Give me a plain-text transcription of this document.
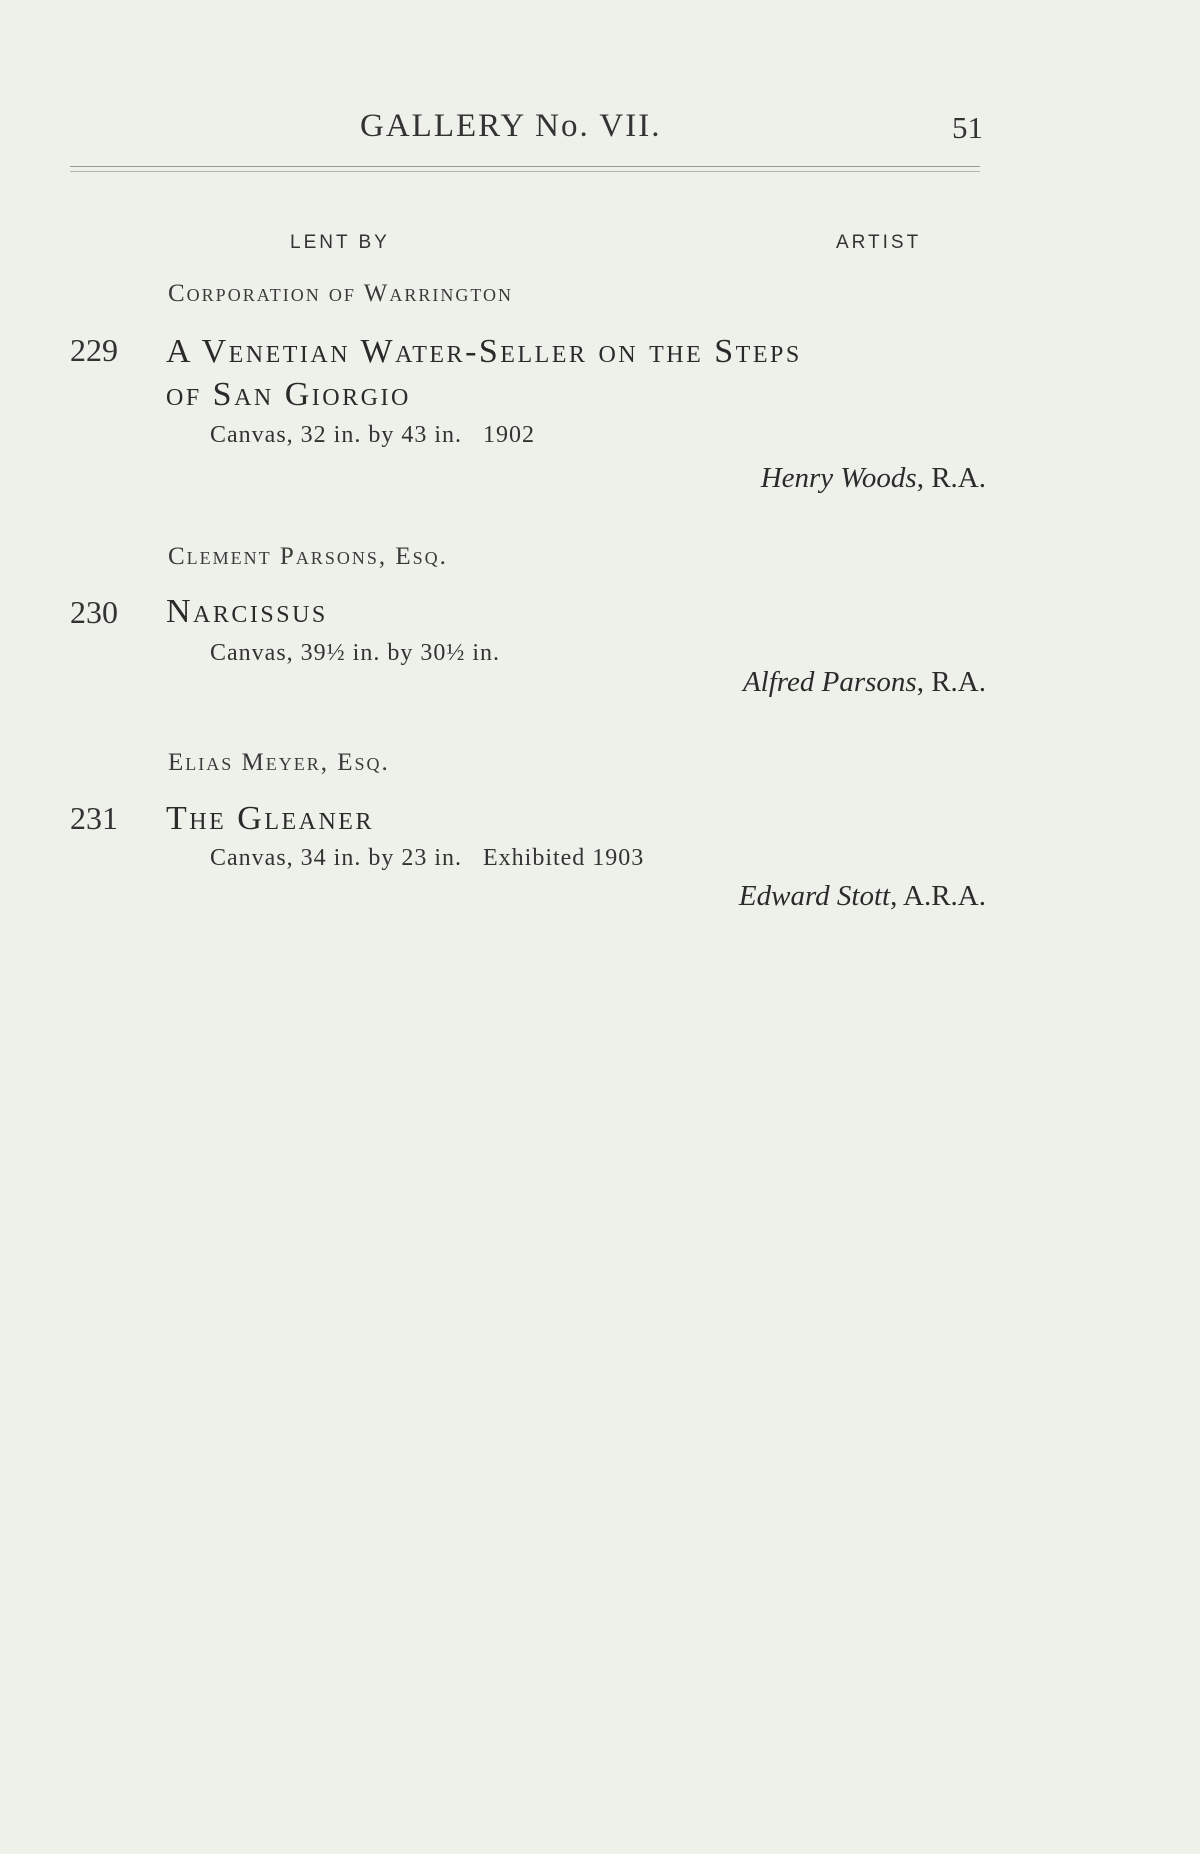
GALLERY No. VII.	51
LENT BY	ARTIST
Corporation of Warrington
229 A Venetian Water-Seller on the Steps
of San Giorgio
Canvas, 32 in. by 43 in.   1902
Henry Woods, R.A.
Clement Parsons, Esq.
230 Narcissus
Canvas, 39½ in. by 30½ in.
Alfred Parsons, R.A.
Elias Meyer, Esq.
231 The Gleaner
Canvas, 34 in. by 23 in.   Exhibited 1903
Edward Stott, A.R.A.
